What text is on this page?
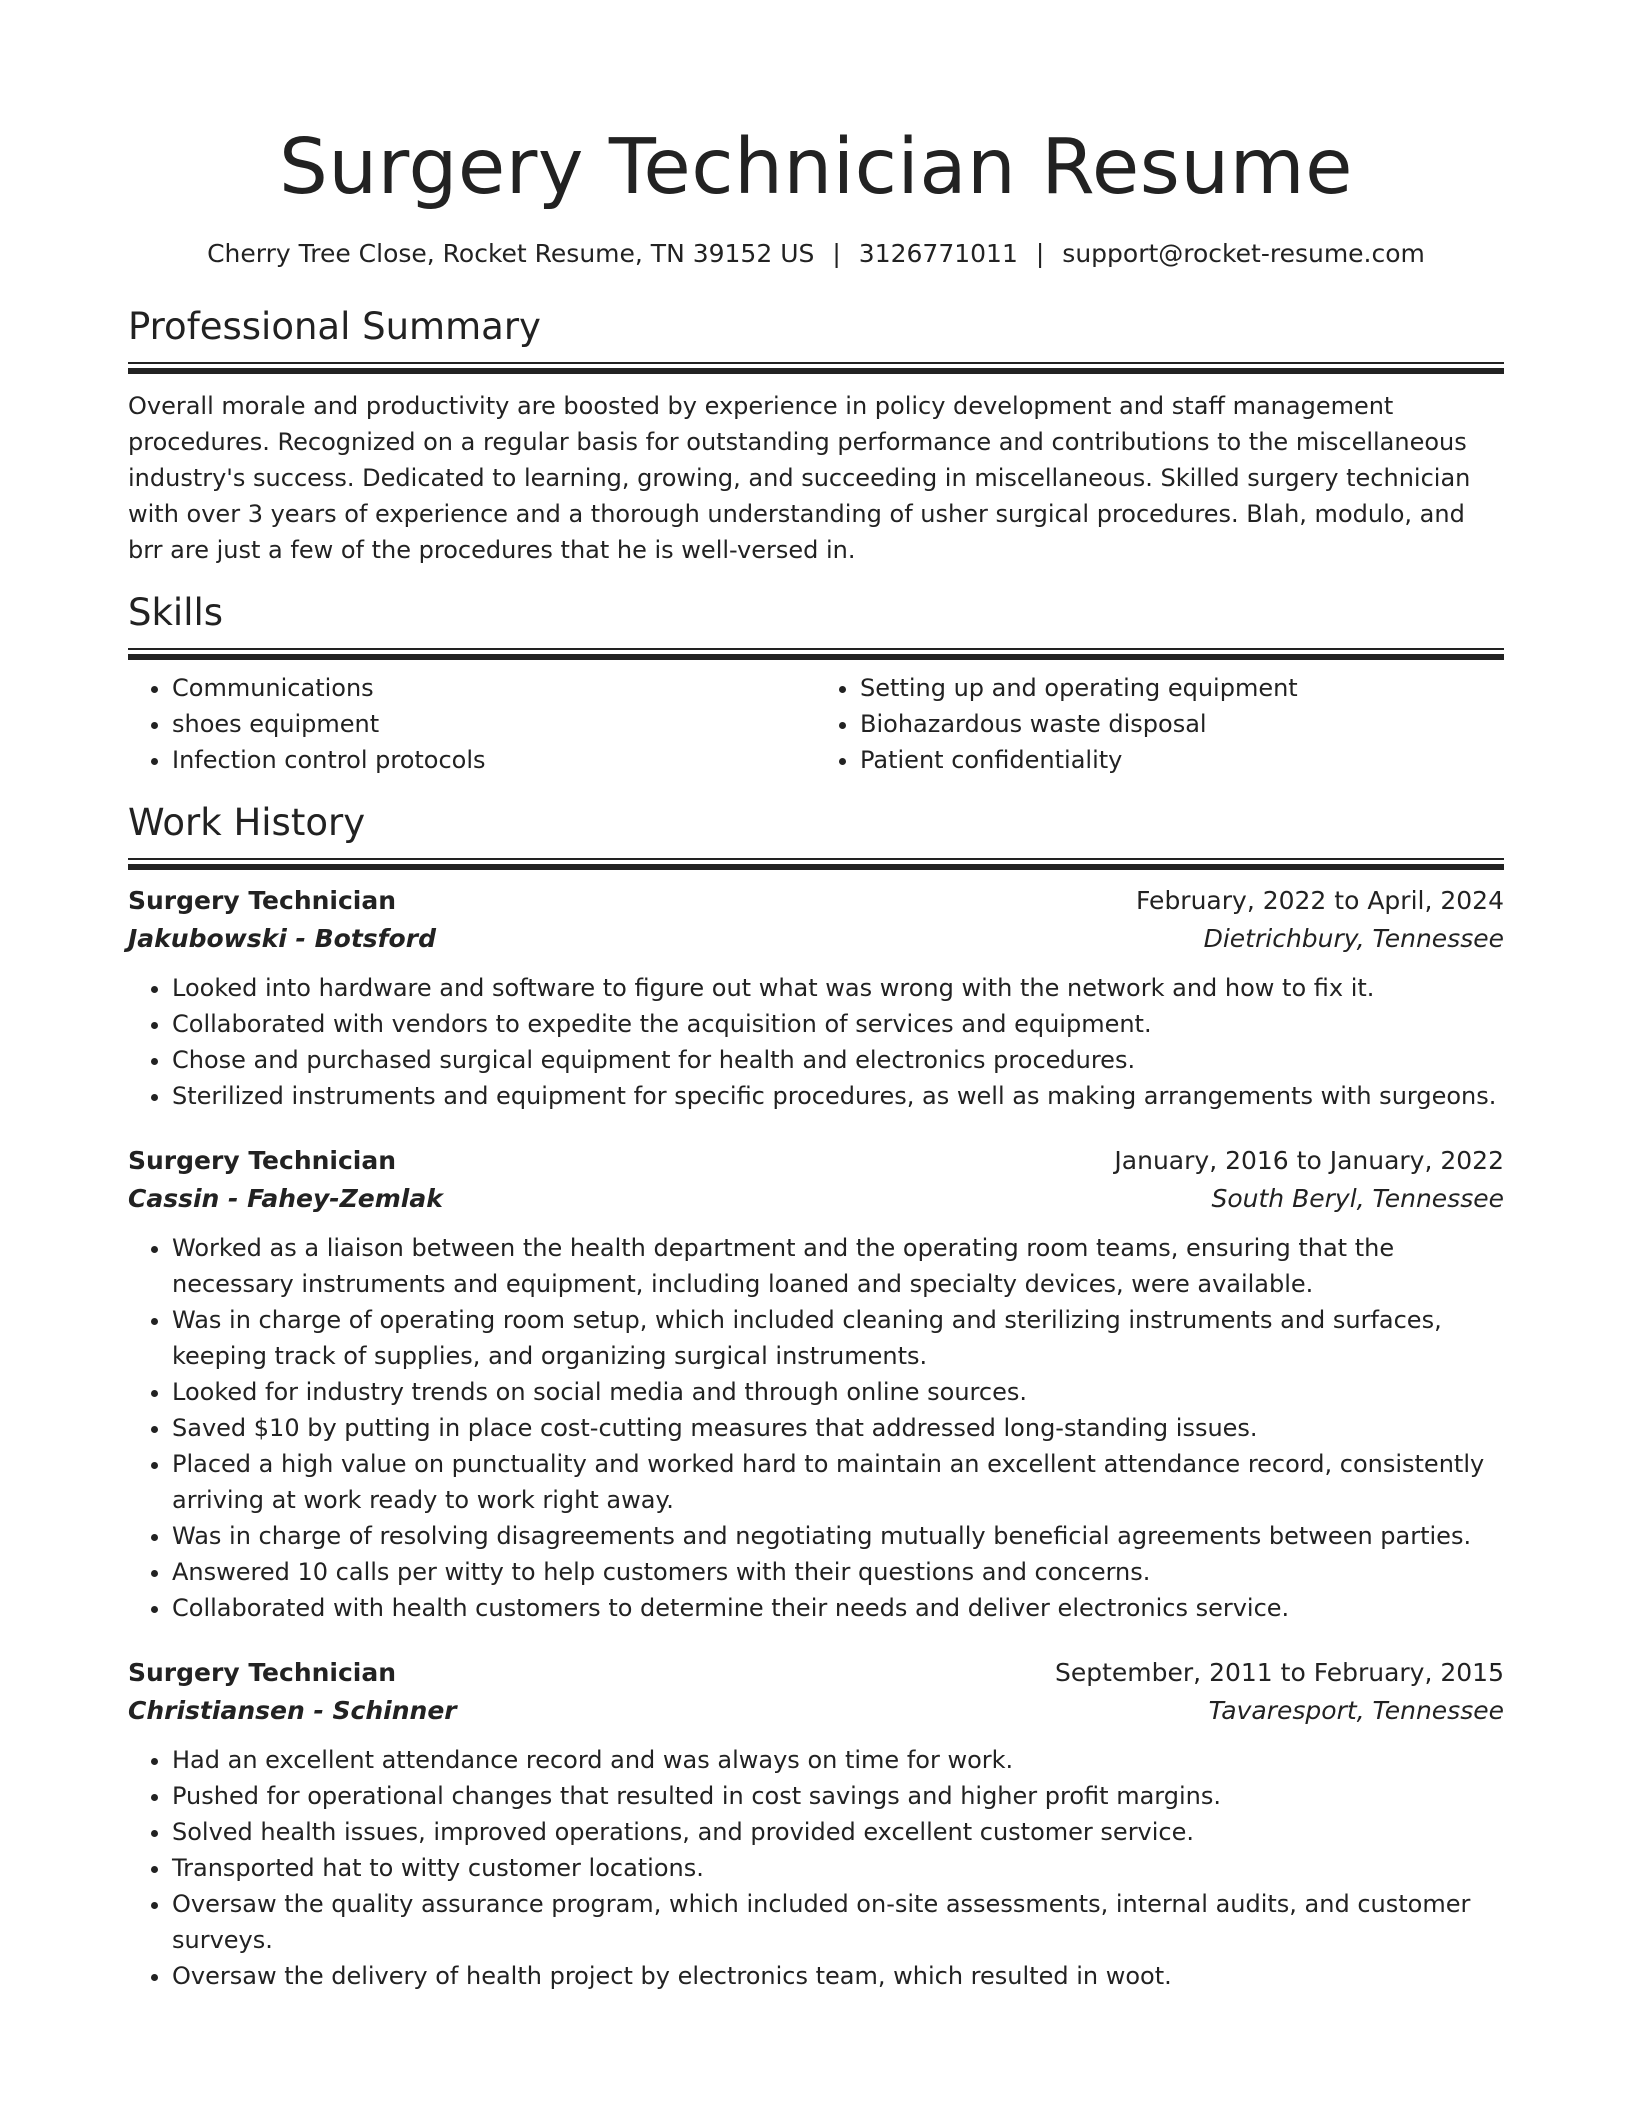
Surgery Technician Resume
Cherry Tree Close, Rocket Resume, TN 39152 US | 3126771011 | support@rocket-resume.com
Professional Summary

Overall morale and productivity are boosted by experience in policy development and staff management procedures. Recognized on a regular basis for outstanding performance and contributions to the miscellaneous industry's success. Dedicated to learning, growing, and succeeding in miscellaneous. Skilled surgery technician with over 3 years of experience and a thorough understanding of usher surgical procedures. Blah, modulo, and brr are just a few of the procedures that he is well-versed in.

Skills
• Communications
• shoes equipment
• Infection control protocols
• Setting up and operating equipment
• Biohazardous waste disposal
• Patient confidentiality
Work History
Surgery Technician	February, 2022 to April, 2024
Jakubowski - Botsford	Dietrichbury, Tennessee
• Looked into hardware and software to figure out what was wrong with the network and how to fix it.
• Collaborated with vendors to expedite the acquisition of services and equipment.
• Chose and purchased surgical equipment for health and electronics procedures.
• Sterilized instruments and equipment for specific procedures, as well as making arrangements with surgeons.
Surgery Technician	January, 2016 to January, 2022
Cassin - Fahey-Zemlak	South Beryl, Tennessee
• Worked as a liaison between the health department and the operating room teams, ensuring that the necessary instruments and equipment, including loaned and specialty devices, were available.
• Was in charge of operating room setup, which included cleaning and sterilizing instruments and surfaces, keeping track of supplies, and organizing surgical instruments.
• Looked for industry trends on social media and through online sources.
• Saved $10 by putting in place cost-cutting measures that addressed long-standing issues.
• Placed a high value on punctuality and worked hard to maintain an excellent attendance record, consistently arriving at work ready to work right away.
• Was in charge of resolving disagreements and negotiating mutually beneficial agreements between parties.
• Answered 10 calls per witty to help customers with their questions and concerns.
• Collaborated with health customers to determine their needs and deliver electronics service.
Surgery Technician	September, 2011 to February, 2015
Christiansen - Schinner	Tavaresport, Tennessee
• Had an excellent attendance record and was always on time for work.
• Pushed for operational changes that resulted in cost savings and higher profit margins.
• Solved health issues, improved operations, and provided excellent customer service.
• Transported hat to witty customer locations.
• Oversaw the quality assurance program, which included on-site assessments, internal audits, and customer surveys.
• Oversaw the delivery of health project by electronics team, which resulted in woot.
